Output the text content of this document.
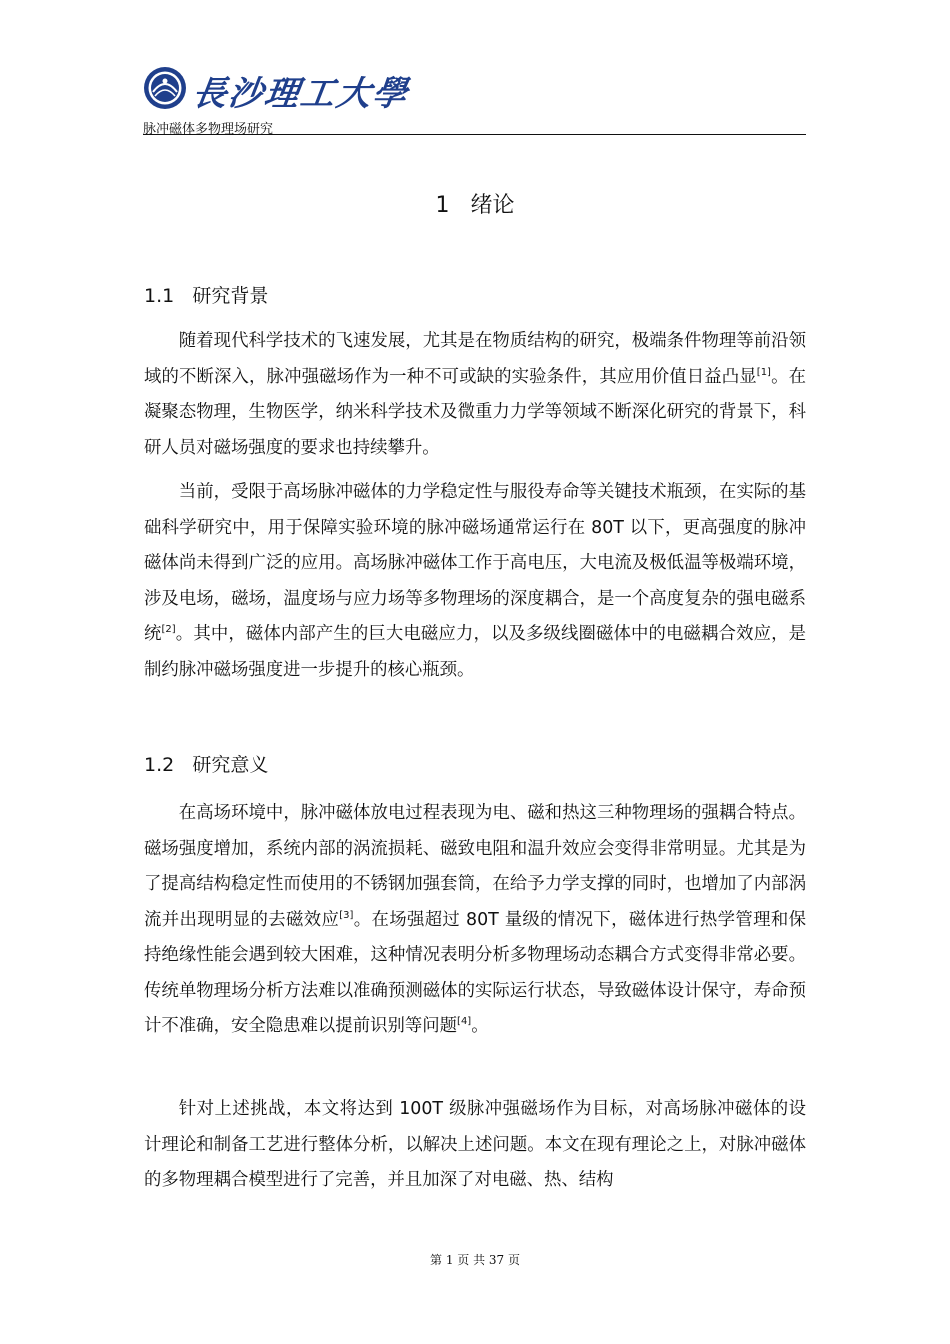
長沙理工大學
脉冲磁体多物理场研究
1 绪论
1.1 研究背景

随着现代科学技术的飞速发展，尤其是在物质结构的研究，极端条件物理等前沿领域的不断深入，脉冲强磁场作为一种不可或缺的实验条件，其应用价值日益凸显[1]。在凝聚态物理，生物医学，纳米科学技术及微重力力学等领域不断深化研究的背景下，科研人员对磁场强度的要求也持续攀升。

当前，受限于高场脉冲磁体的力学稳定性与服役寿命等关键技术瓶颈，在实际的基础科学研究中，用于保障实验环境的脉冲磁场通常运行在 80T 以下，更高强度的脉冲磁体尚未得到广泛的应用。高场脉冲磁体工作于高电压，大电流及极低温等极端环境，涉及电场，磁场，温度场与应力场等多物理场的深度耦合，是一个高度复杂的强电磁系统[2]。其中，磁体内部产生的巨大电磁应力，以及多级线圈磁体中的电磁耦合效应，是制约脉冲磁场强度进一步提升的核心瓶颈。

1.2 研究意义

在高场环境中，脉冲磁体放电过程表现为电、磁和热这三种物理场的强耦合特点。磁场强度增加，系统内部的涡流损耗、磁致电阻和温升效应会变得非常明显。尤其是为了提高结构稳定性而使用的不锈钢加强套筒，在给予力学支撑的同时，也增加了内部涡流并出现明显的去磁效应[3]。在场强超过 80T 量级的情况下，磁体进行热学管理和保持绝缘性能会遇到较大困难，这种情况表明分析多物理场动态耦合方式变得非常必要。传统单物理场分析方法难以准确预测磁体的实际运行状态，导致磁体设计保守，寿命预计不准确，安全隐患难以提前识别等问题[4]。

针对上述挑战，本文将达到 100T 级脉冲强磁场作为目标，对高场脉冲磁体的设计理论和制备工艺进行整体分析，以解决上述问题。本文在现有理论之上，对脉冲磁体的多物理耦合模型进行了完善，并且加深了对电磁、热、结构

第 1 页 共 37 页
